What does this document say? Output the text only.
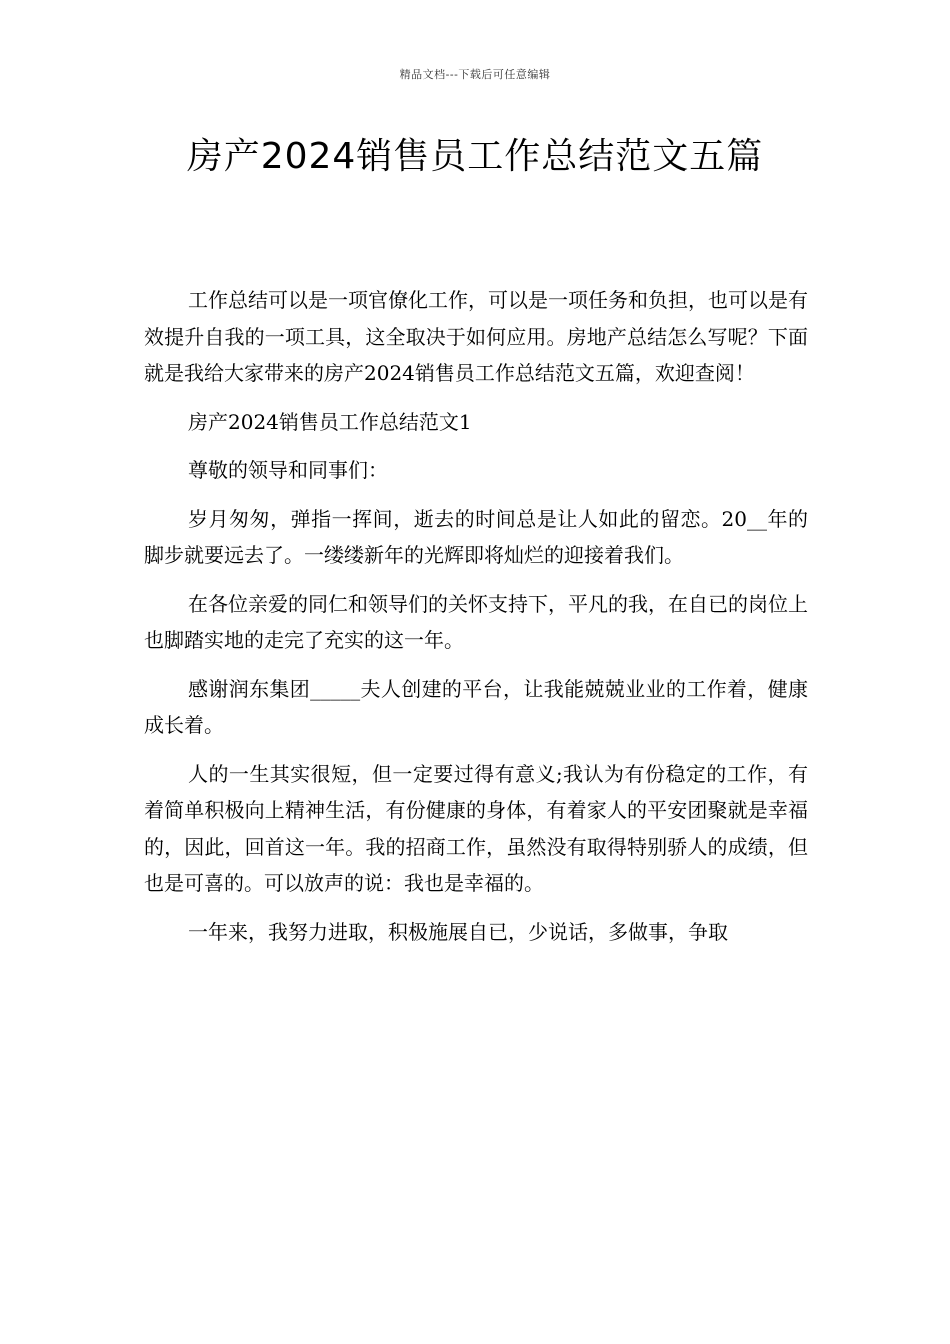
精品文档---下载后可任意编辑
房产2024销售员工作总结范文五篇

工作总结可以是一项官僚化工作，可以是一项任务和负担，也可以是有效提升自我的一项工具，这全取决于如何应用。房地产总结怎么写呢？下面就是我给大家带来的房产2024销售员工作总结范文五篇，欢迎查阅！

房产2024销售员工作总结范文1

尊敬的领导和同事们：

岁月匆匆，弹指一挥间，逝去的时间总是让人如此的留恋。20__年的脚步就要远去了。一缕缕新年的光辉即将灿烂的迎接着我们。

在各位亲爱的同仁和领导们的关怀支持下，平凡的我，在自已的岗位上也脚踏实地的走完了充实的这一年。

感谢润东集团_____夫人创建的平台，让我能兢兢业业的工作着，健康成长着。

人的一生其实很短，但一定要过得有意义;我认为有份稳定的工作，有着简单积极向上精神生活，有份健康的身体，有着家人的平安团聚就是幸福的，因此，回首这一年。我的招商工作，虽然没有取得特别骄人的成绩，但也是可喜的。可以放声的说：我也是幸福的。

一年来，我努力进取，积极施展自已，少说话，多做事，争取
